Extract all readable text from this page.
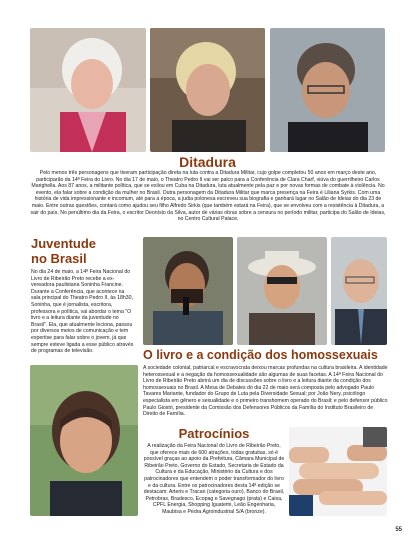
Ditadura

Pelo menos três personagens que tiveram participação direta na luta contra a Ditadura Militar, cujo golpe completou 50 anos em março deste ano, participarão da 14ª Feira do Livro. No dia 17 de maio, o Theatro Pedro II vai ser palco para a Conferência de Clara Charf, viúva do guerrilheiro Carlos Marighella. Aos 87 anos, a militante política, que se exilou em Cuba na Ditadura, luta atualmente pela paz e por novas formas de combate à violência. No evento, ela falar sobre a condição da mulher no Brasil. Outra personagem da Ditadura Militar que marca presença na Feira é Liliana Syrkis. Com uma história de vida impressionante e incomum, até para a época, a judia polonesa escreveu sua biografia e ganhará lugar no Salão de Ideias do dia 23 de maio. Entre outras questões, contará como ajudou seu filho Alfredo Sirkis (que também estará na Feira), que se envolveu com a resistência à Ditadura, a sair do país. No penúltimo dia da Feira, o escritor Deonísio da Silva, autor de várias obras sobre a censura no período militar, participa do Salão de Ideias, no Centro Cultural Palace.

Juventude
no Brasil

No dia 24 de maio, a 14ª Feira Nacional do Livro de Ribeirão Preto recebe a ex-vereadora paulistana Soninha Francine. Durante a Conferência, que acontece na sala principal do Theatro Pedro II, às 18h30, Soninha, que é jornalista, escritora, professora e política, vai abordar o tema "O livro e a leitura diante da juventude no Brasil". Ela, que atualmente leciona, passou por diversos meios de comunicação e tem expertise para falar sobre o jovem, já que sempre esteve ligada a esse público através de programas de televisão.	O livro e a condição dos homossexuais

A sociedade colonial, patriarcal e escravocrata deixou marcas profundas na cultura brasileira. A identidade heterossexual e a negação da homossexualidade são algumas de suas facetas. A 14ª Feira Nacional do Livro de Ribeirão Preto abrirá um dia de discussões sobre o livro e a leitura diante da condição dos homossexuais no Brasil. A Mesa de Debates do dia 22 de maio será composta pelo advogado Paulo Tavares Mariante, fundador do Grupo de Luta pela Diversidade Sexual; por João Nery, psicólogo especialista em gênero e sexualidade e o primeiro transhomem operado do Brasil; e pelo defensor público Paulo Giostri, presidente da Comissão dos Defensores Públicos da Família do Instituto Brasileiro de Direito de Família.

Patrocínios

A realização da Feira Nacional do Livro de Ribeirão Preto, que oferece mais de 600 atrações, todas gratuitas, só é possível graças ao apoio da Prefeitura, Câmara Municipal de Ribeirão Preto, Governo do Estado, Secretaria de Estado da Cultura e da Educação, Ministério da Cultura e dos patrocinadores que entendem o poder transformador do livro e da cultura. Entre os patrocinadores desta 14ª edição se destacam: Arteris e Tracan (categoria ouro), Banco do Brasil, Petrobras, Bradesco, Ecopag e Savegnago (prata) e Caixa, CPFL Energia, Shopping Iguatemi, Leão Engenharia, Maubisa e Pedra Agroindustrial S/A (bronze).

55
